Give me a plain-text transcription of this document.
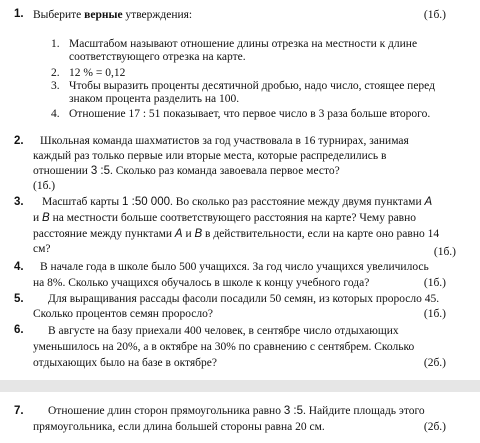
1. Выберите верные утверждения:	(1б.)
1. Масштабом называют отношение длины отрезка на местности к длине
соответствующего отрезка на карте.
2. 12 % = 0,12
3. Чтобы выразить проценты десятичной дробью, надо число, стоящее перед
знаком процента разделить на 100.
4. Отношение 17 : 51 показывает, что первое число в 3 раза больше второго.
2. Школьная команда шахматистов за год участвовала в 16 турнирах, занимая
каждый раз только первые или вторые места, которые распределились в
отношении 3 :5. Сколько раз команда завоевала первое место?
(1б.)
3. Масштаб карты 1 :50 000. Во сколько раз расстояние между двумя пунктами А
и В на местности больше соответствующего расстояния на карте? Чему равно
расстояние между пунктами А и В в действительности, если на карте оно равно 14
см?	(1б.)
4. В начале года в школе было 500 учащихся. За год число учащихся увеличилось
на 8%. Сколько учащихся обучалось в школе к концу учебного года?	(1б.)
5. Для выращивания рассады фасоли посадили 50 семян, из которых проросло 45.
Сколько процентов семян проросло?	(1б.)
6. В августе на базу приехали 400 человек, в сентябре число отдыхающих
уменьшилось на 20%, а в октябре на 30% по сравнению с сентябрем. Сколько
отдыхающих было на базе в октябре?	(2б.)
7. Отношение длин сторон прямоугольника равно 3 :5. Найдите площадь этого
прямоугольника, если длина большей стороны равна 20 см.	(2б.)
